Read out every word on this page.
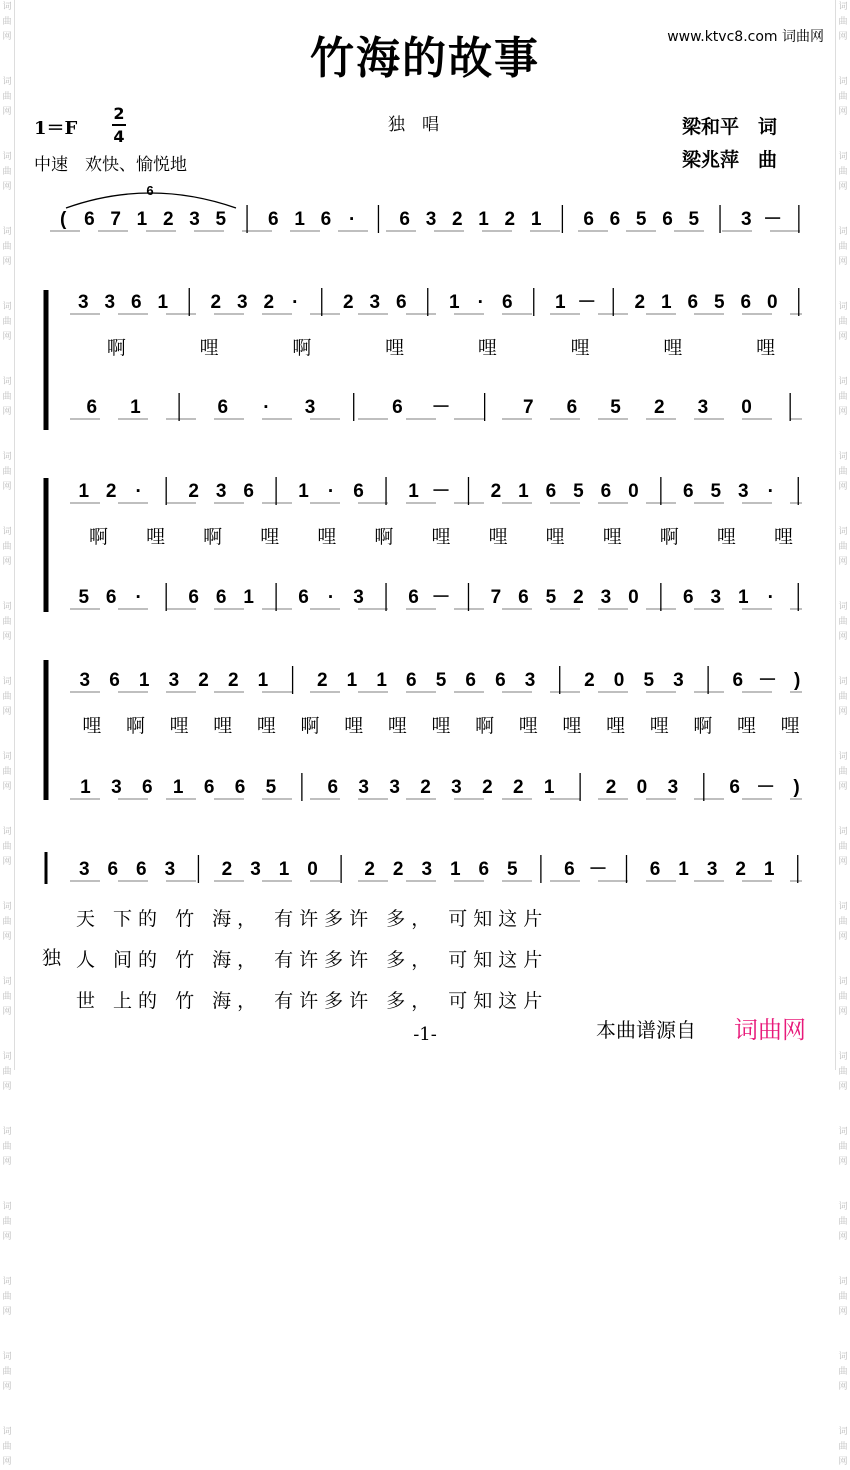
词
曲
网

词
曲
网

词
曲
网

词
曲
网

词
曲
网

词
曲
网

词
曲
网

词
曲
网

词
曲
网

词
曲
网

词
曲
网

词
曲
网

词
曲
网

词
曲
网

词
曲
网

词
曲
网

词
曲
网

词
曲
网

词
曲
网

词
曲
网

词
曲
网

词
曲
网

词
曲
网

词
曲
网

词
曲
网

词
曲
网

词
曲
网

词
曲
网

词
曲
网

词
曲
网

词
曲
网

词
曲
网

词
曲
网

词
曲
网

词
曲
网

词
曲
网

词
曲
网

词
曲
网

词
曲
网

词
曲
网

竹海的故事	www.ktvc8.com 词曲网
1＝F
2
4
独　唱
中速　欢快、愉悦地
梁和平　词
梁兆萍　曲
6
( 6 7 1 2 3 5 6 1 6 · 6 3 2 1 2 1 6 6 5 6 5 3 －
3 3 6 1 2 3 2 · 2 3 6 1 · 6 1 － 2 1 6 5 6 0
啊	哩	啊	哩	哩	哩	哩	哩
6 1	6 · 3	6 －	7 6 5 2 3 0
1 2 · 2 3 6 1 · 6 1 － 2 1 6 5 6 0 6 5 3 ·
啊 哩 啊 哩 哩 啊 哩 哩 哩 哩 啊 哩 哩
5 6 · 6 6 1 6 · 3 6 － 7 6 5 2 3 0 6 3 1 ·
3 6 1 3 2 2 1	2 1 1 6 5 6 6 3	2 0 5 3	6 － )
哩 啊 哩 哩 哩 啊 哩 哩 哩 啊 哩 哩 哩 哩 啊 哩 哩
1 3 6 1 6 6 5	6 3 3 2 3 2 2 1	2 0 3	6 － )
3 6 6 3 2 3 1 0 2 2 3 1 6 5 6 － 6 1 3 2 1
天 下的 竹 海， 有许多许 多， 可知这片
独 人 间的 竹 海， 有许多许 多， 可知这片
世 上的 竹 海， 有许多许 多， 可知这片
-1-	本曲谱源自 词曲网
